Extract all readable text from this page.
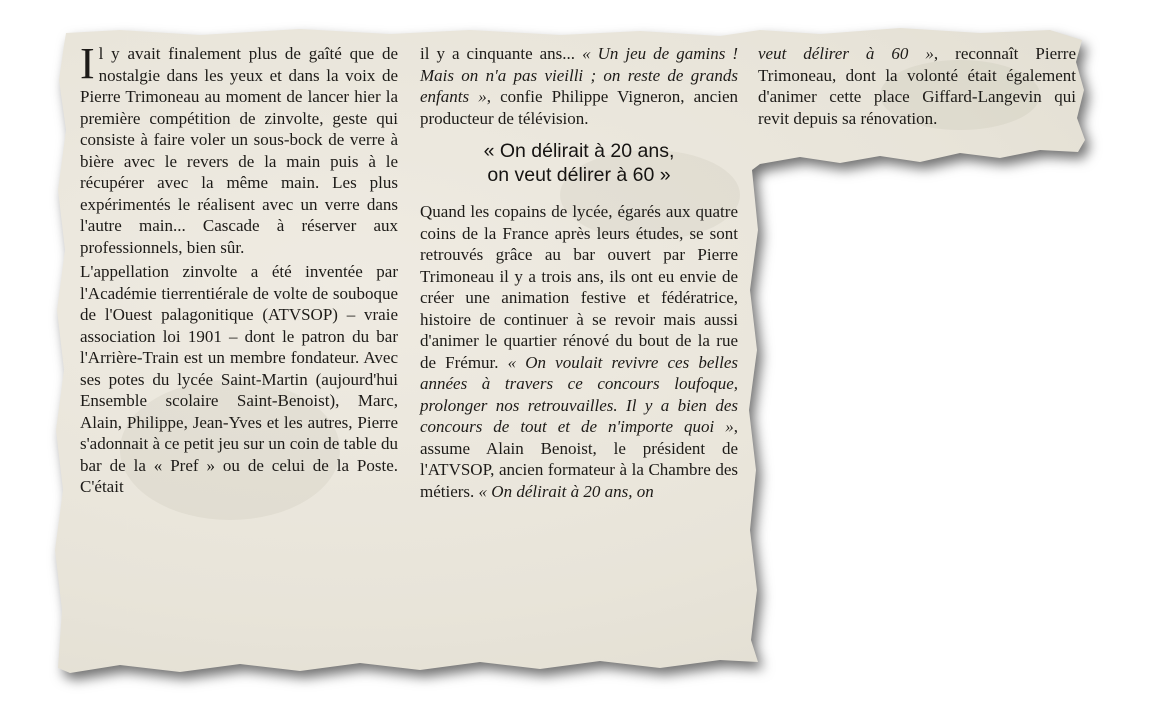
Il y avait finalement plus de gaîté que de nostalgie dans les yeux et dans la voix de Pierre Trimoneau au moment de lancer hier la première compétition de zinvolte, geste qui consiste à faire voler un sous-bock de verre à bière avec le revers de la main puis à le récupérer avec la même main. Les plus expérimentés le réalisent avec un verre dans l'autre main... Cascade à réserver aux professionnels, bien sûr.

L'appellation zinvolte a été inventée par l'Académie tierrentiérale de volte de souboque de l'Ouest palagonitique (ATVSOP) – vraie association loi 1901 – dont le patron du bar l'Arrière-Train est un membre fondateur. Avec ses potes du lycée Saint-Martin (aujourd'hui Ensemble scolaire Saint-Benoist), Marc, Alain, Philippe, Jean-Yves et les autres, Pierre s'adonnait à ce petit jeu sur un coin de table du bar de la « Pref » ou de celui de la Poste. C'était

il y a cinquante ans... « Un jeu de gamins ! Mais on n'a pas vieilli ; on reste de grands enfants », confie Philippe Vigneron, ancien producteur de télévision.

« On délirait à 20 ans,
on veut délirer à 60 »

Quand les copains de lycée, égarés aux quatre coins de la France après leurs études, se sont retrouvés grâce au bar ouvert par Pierre Trimoneau il y a trois ans, ils ont eu envie de créer une animation festive et fédératrice, histoire de continuer à se revoir mais aussi d'animer le quartier rénové du bout de la rue de Frémur. « On voulait revivre ces belles années à travers ce concours loufoque, prolonger nos retrouvailles. Il y a bien des concours de tout et de n'importe quoi », assume Alain Benoist, le président de l'ATVSOP, ancien formateur à la Chambre des métiers. « On délirait à 20 ans, on

veut délirer à 60 », reconnaît Pierre Trimoneau, dont la volonté était également d'animer cette place Giffard-Langevin qui revit depuis sa rénovation.
